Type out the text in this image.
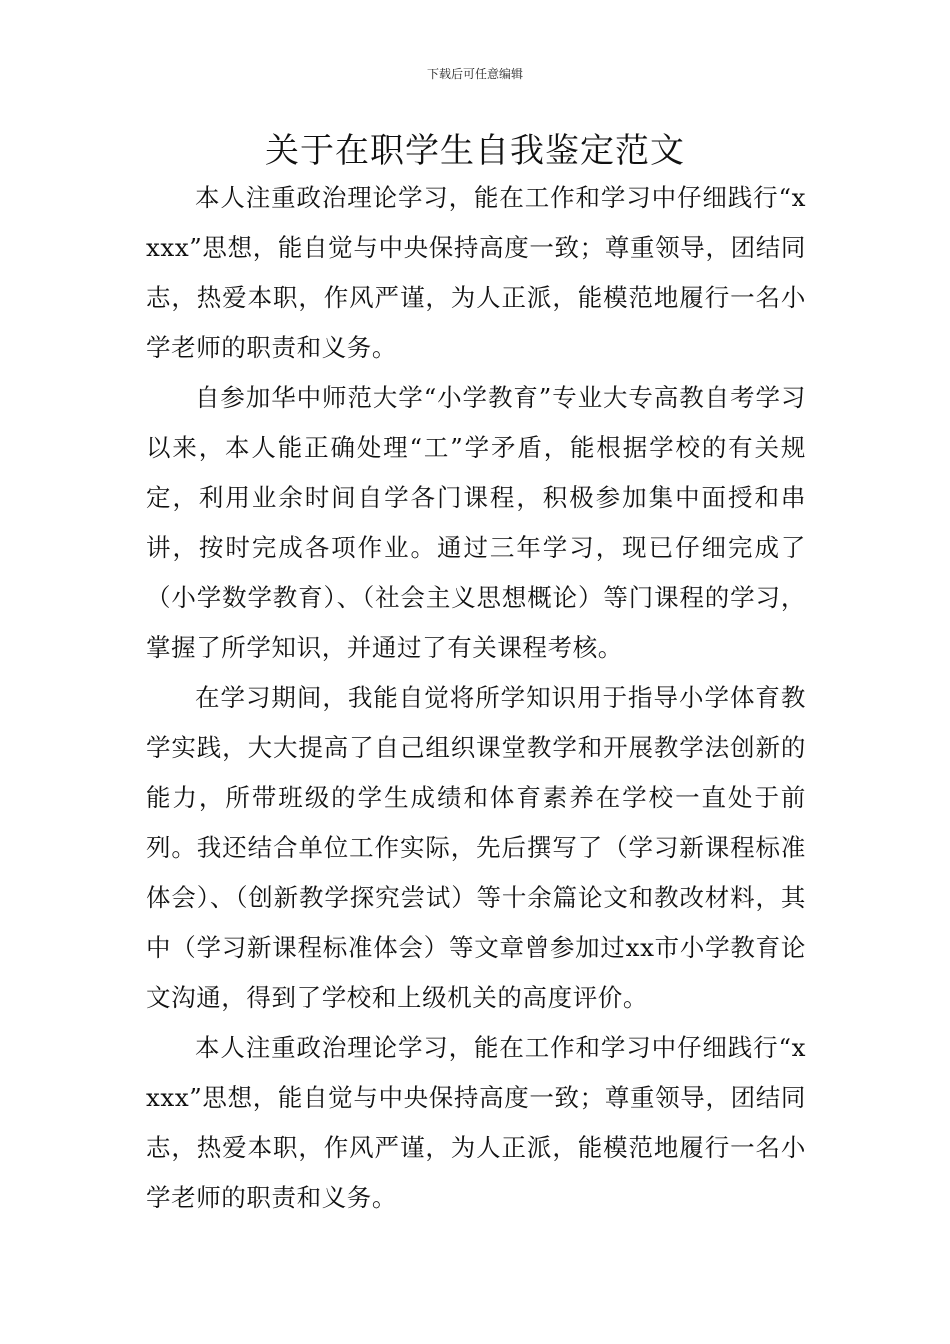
下载后可任意编辑
关于在职学生自我鉴定范文

本人注重政治理论学习，能在工作和学习中仔细践行“xxxx”思想，能自觉与中央保持高度一致；尊重领导，团结同志，热爱本职，作风严谨，为人正派，能模范地履行一名小学老师的职责和义务。

自参加华中师范大学“小学教育”专业大专高教自考学习以来，本人能正确处理“工”学矛盾，能根据学校的有关规定，利用业余时间自学各门课程，积极参加集中面授和串讲，按时完成各项作业。通过三年学习，现已仔细完成了（小学数学教育）、（社会主义思想概论）等门课程的学习，掌握了所学知识，并通过了有关课程考核。

在学习期间，我能自觉将所学知识用于指导小学体育教学实践，大大提高了自己组织课堂教学和开展教学法创新的能力，所带班级的学生成绩和体育素养在学校一直处于前列。我还结合单位工作实际，先后撰写了（学习新课程标准体会）、（创新教学探究尝试）等十余篇论文和教改材料，其中（学习新课程标准体会）等文章曾参加过xx市小学教育论文沟通，得到了学校和上级机关的高度评价。

本人注重政治理论学习，能在工作和学习中仔细践行“xxxx”思想，能自觉与中央保持高度一致；尊重领导，团结同志，热爱本职，作风严谨，为人正派，能模范地履行一名小学老师的职责和义务。
